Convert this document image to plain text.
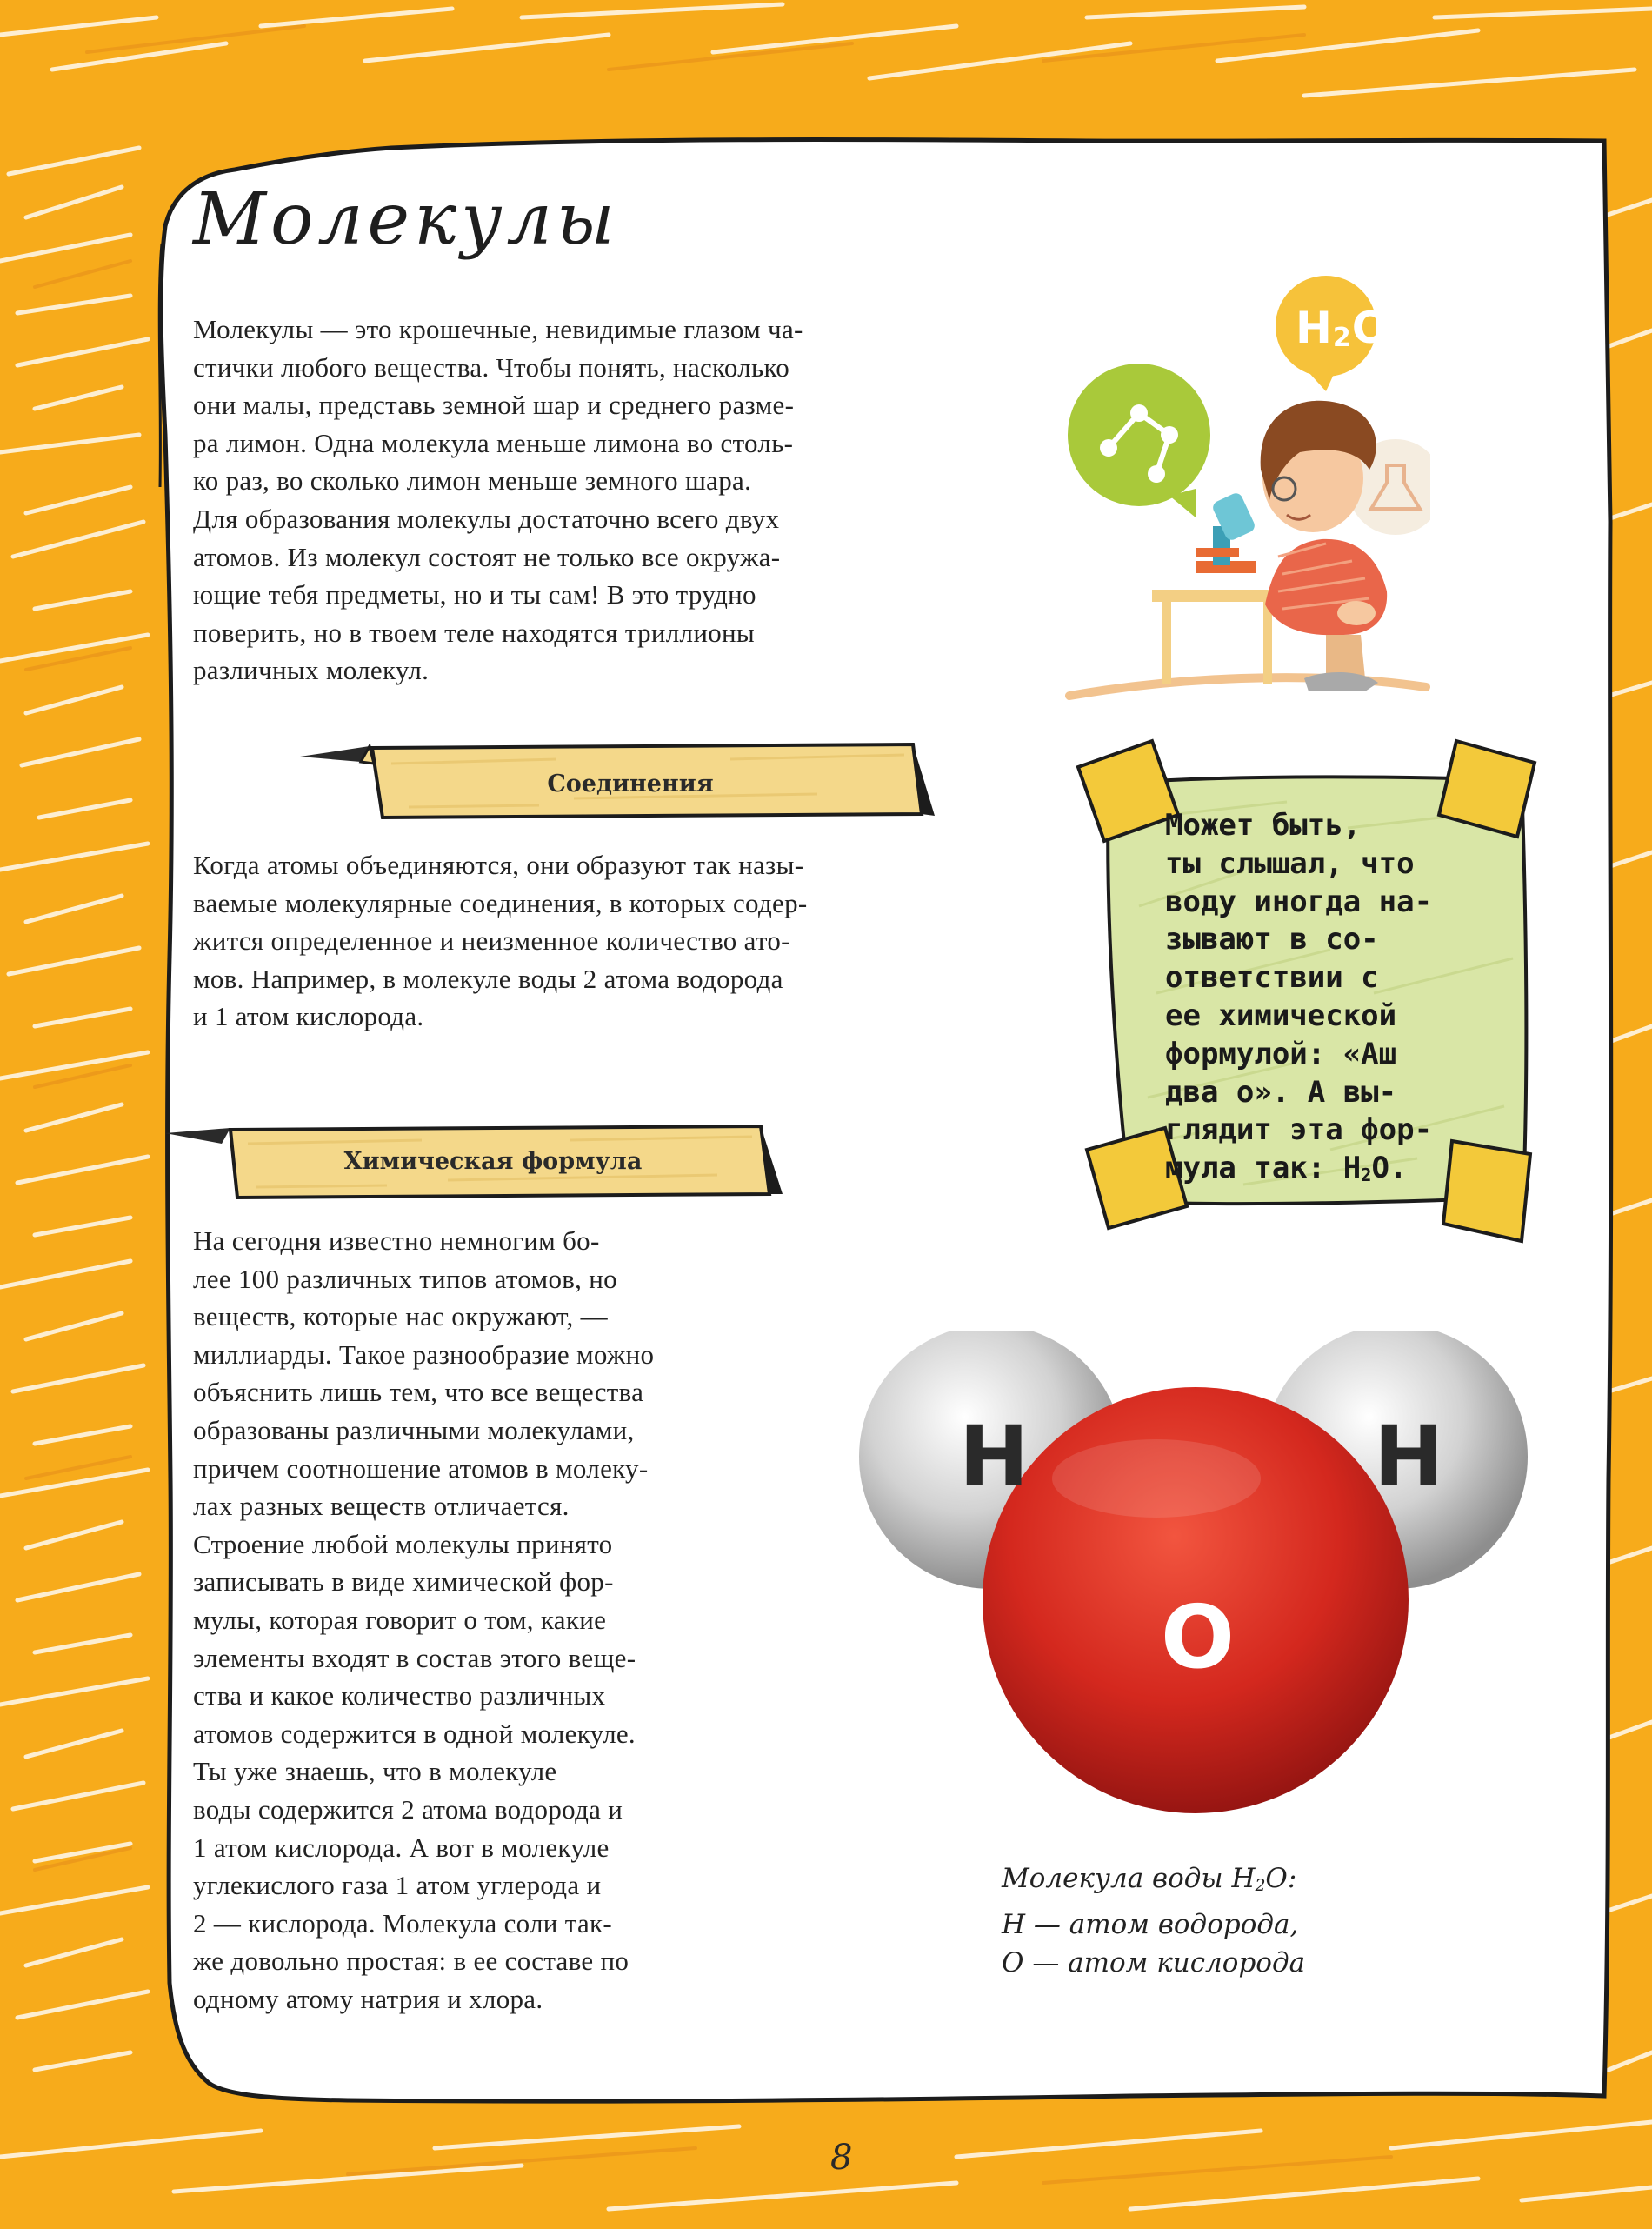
Молекулы
Молекулы — это крошечные, невидимые глазом ча-
стички любого вещества. Чтобы понять, насколько
они малы, представь земной шар и среднего разме-
ра лимон. Одна молекула меньше лимона во столь-
ко раз, во сколько лимон меньше земного шара.
Для образования молекулы достаточно всего двух
атомов. Из молекул состоят не только все окружа-
ющие тебя предметы, но и ты сам! В это трудно
поверить, но в твоем теле находятся триллионы
различных молекул.
$H_2O$
Соединения
Когда атомы объединяются, они образуют так назы-
ваемые молекулярные соединения, в которых содер-
жится определенное и неизменное количество ато-
мов. Например, в молекуле воды 2 атома водорода
и 1 атом кислорода.
Химическая формула
На сегодня известно немногим бо-
лее 100 различных типов атомов, но
веществ, которые нас окружают, —
миллиарды. Такое разнообразие можно
объяснить лишь тем, что все вещества
образованы различными молекулами,
причем соотношение атомов в молеку-
лах разных веществ отличается.
Строение любой молекулы принято
записывать в виде химической фор-
мулы, которая говорит о том, какие
элементы входят в состав этого веще-
ства и какое количество различных
атомов содержится в одной молекуле.
Ты уже знаешь, что в молекуле
воды содержится 2 атома водорода и
1 атом кислорода. А вот в молекуле
углекислого газа 1 атом углерода и
2 — кислорода. Молекула соли так-
же довольно простая: в ее составе по
одному атому натрия и хлора.
Может быть,
ты слышал, что
воду иногда на-
зывают в со-
ответствии с
ее химической
формулой: «Аш
два о». А вы-
глядит эта фор-
мула так: $H_2O$.
H	H
O
Молекула воды $H_2O$:
H — атом водорода,
O — атом кислорода
8
